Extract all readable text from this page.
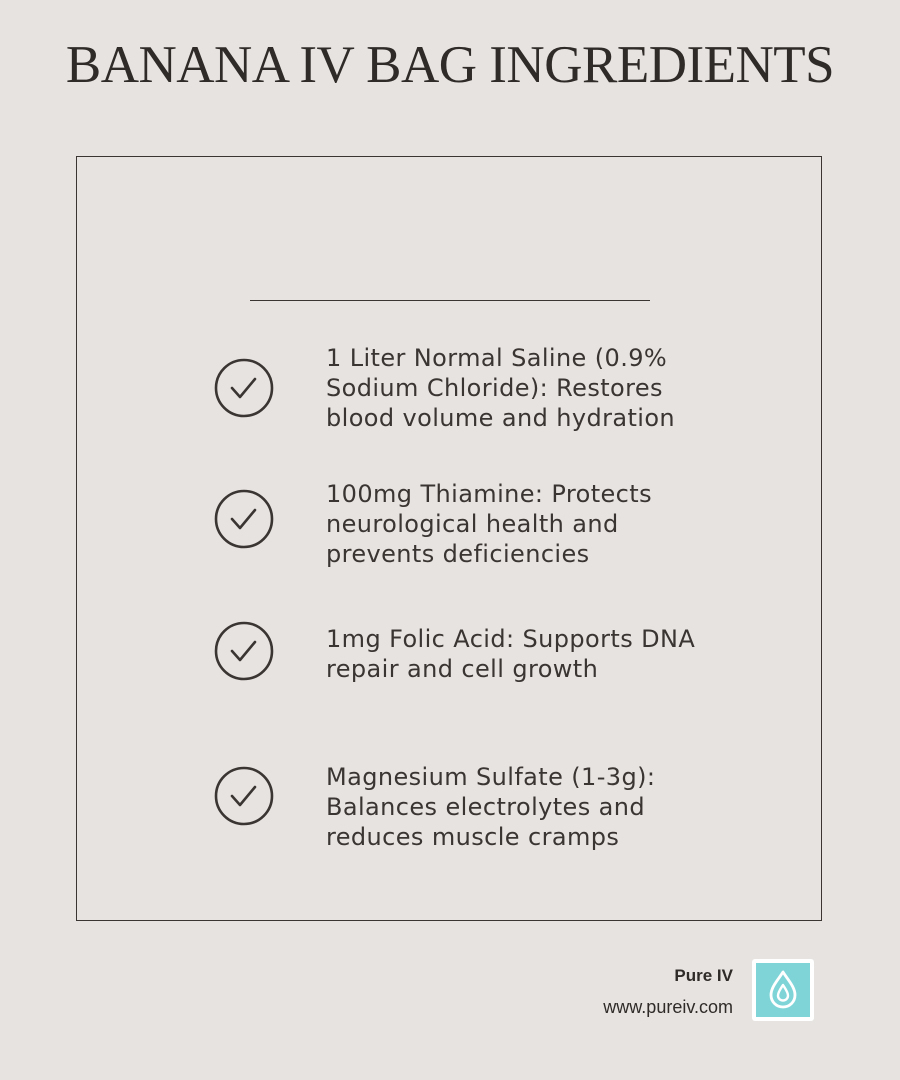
BANANA IV BAG INGREDIENTS
1 Liter Normal Saline (0.9%
Sodium Chloride): Restores
blood volume and hydration
100mg Thiamine: Protects
neurological health and
prevents deficiencies
1mg Folic Acid: Supports DNA
repair and cell growth
Magnesium Sulfate (1-3g):
Balances electrolytes and
reduces muscle cramps
Pure IV
www.pureiv.com
